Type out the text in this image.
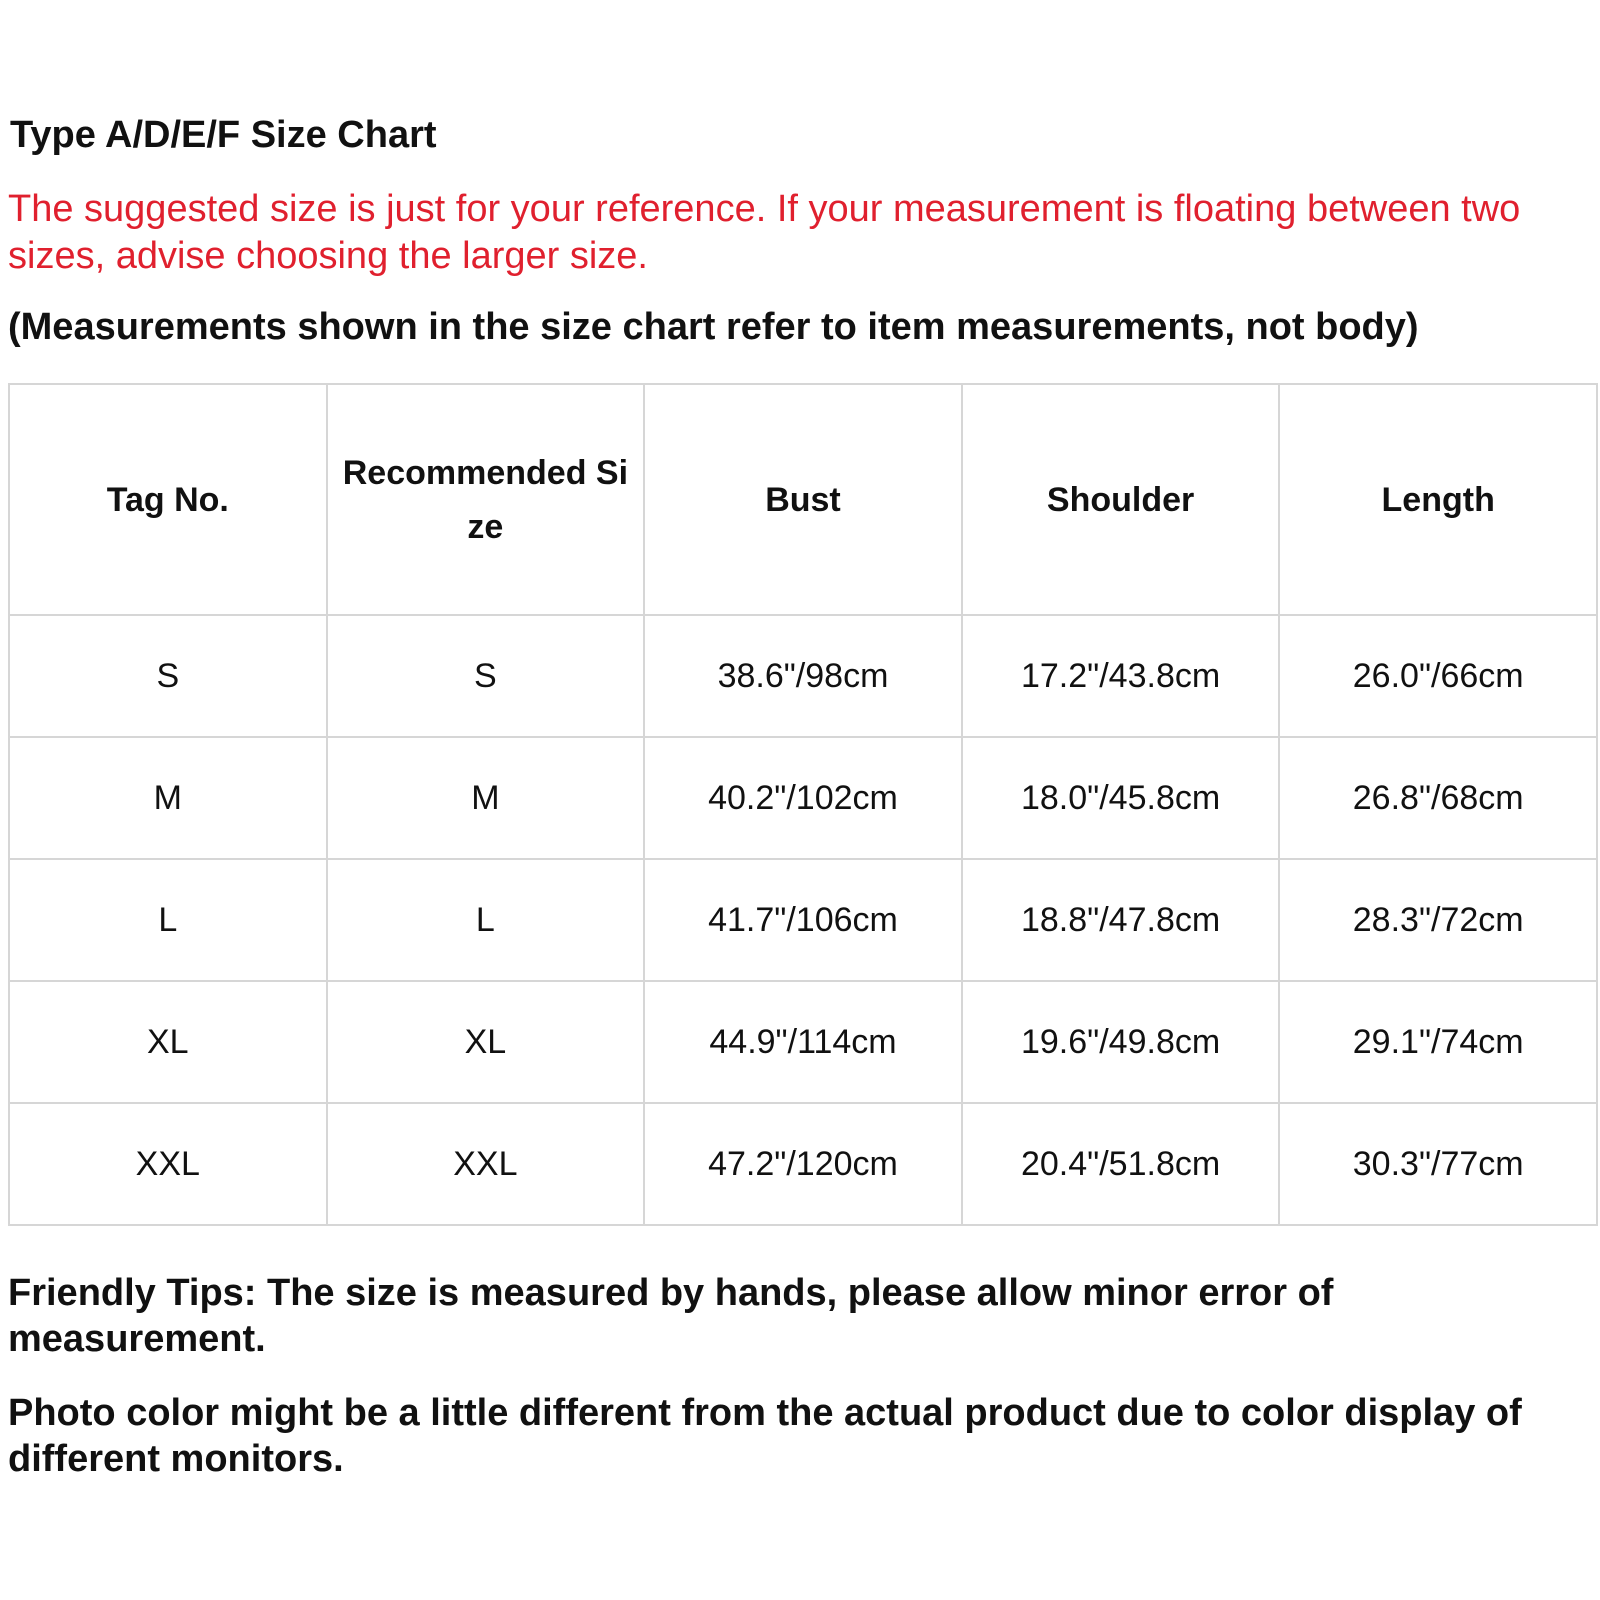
Type A/D/E/F Size Chart
The suggested size is just for your reference. If your measurement is floating between two sizes, advise choosing the larger size.
(Measurements shown in the size chart refer to item measurements, not body)
Tag No.	Recommended Size	Bust	Shoulder	Length
S	S	38.6"/98cm	17.2"/43.8cm	26.0"/66cm
M	M	40.2"/102cm	18.0"/45.8cm	26.8"/68cm
L	L	41.7"/106cm	18.8"/47.8cm	28.3"/72cm
XL	XL	44.9"/114cm	19.6"/49.8cm	29.1"/74cm
XXL	XXL	47.2"/120cm	20.4"/51.8cm	30.3"/77cm
Friendly Tips: The size is measured by hands, please allow minor error of measurement.
Photo color might be a little different from the actual product due to color display of different monitors.
